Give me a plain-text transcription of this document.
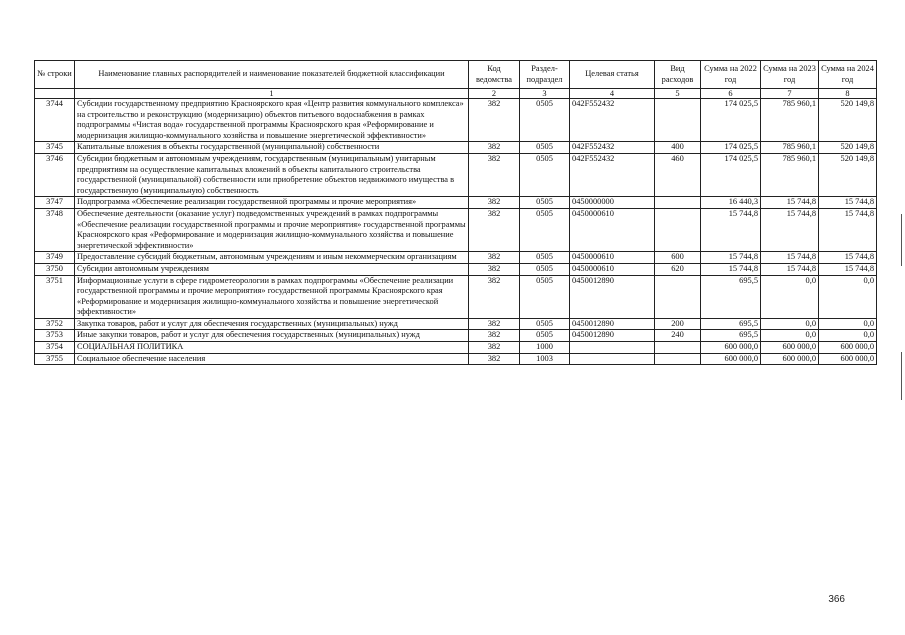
№ строки	Наименование главных распорядителей и наименование показателей бюджетной классификации	Код ведомства	Раздел-подраздел	Целевая статья	Вид расходов	Сумма на 2022 год	Сумма на 2023 год	Сумма на 2024 год
	1	2	3	4	5	6	7	8
3744	Субсидии государственному предприятию Красноярского края «Центр развития коммунального комплекса» на строительство и реконструкцию (модернизацию) объектов питьевого водоснабжения в рамках подпрограммы «Чистая вода» государственной программы Красноярского края «Реформирование и модернизация жилищно-коммунального хозяйства и повышение энергетической эффективности»	382	0505	042F552432		174 025,5	785 960,1	520 149,8
3745	Капитальные вложения в объекты государственной (муниципальной) собственности	382	0505	042F552432	400	174 025,5	785 960,1	520 149,8
3746	Субсидии бюджетным и автономным учреждениям, государственным (муниципальным) унитарным предприятиям на осуществление капитальных вложений в объекты капитального строительства государственной (муниципальной) собственности или приобретение объектов недвижимого имущества в государственную (муниципальную) собственность	382	0505	042F552432	460	174 025,5	785 960,1	520 149,8
3747	Подпрограмма «Обеспечение реализации государственной программы и прочие мероприятия»	382	0505	0450000000		16 440,3	15 744,8	15 744,8
3748	Обеспечение деятельности (оказание услуг) подведомственных учреждений в рамках подпрограммы «Обеспечение реализации государственной программы и прочие мероприятия» государственной программы Красноярского края «Реформирование и модернизация жилищно-коммунального хозяйства и повышение энергетической эффективности»	382	0505	0450000610		15 744,8	15 744,8	15 744,8
3749	Предоставление субсидий бюджетным, автономным учреждениям и иным некоммерческим организациям	382	0505	0450000610	600	15 744,8	15 744,8	15 744,8
3750	Субсидии автономным учреждениям	382	0505	0450000610	620	15 744,8	15 744,8	15 744,8
3751	Информационные услуги в сфере гидрометеорологии в рамках подпрограммы «Обеспечение реализации государственной программы и прочие мероприятия» государственной программы Красноярского края «Реформирование и модернизация жилищно-коммунального хозяйства и повышение энергетической эффективности»	382	0505	0450012890		695,5	0,0	0,0
3752	Закупка товаров, работ и услуг для обеспечения государственных (муниципальных) нужд	382	0505	0450012890	200	695,5	0,0	0,0
3753	Иные закупки товаров, работ и услуг для обеспечения государственных (муниципальных) нужд	382	0505	0450012890	240	695,5	0,0	0,0
3754	СОЦИАЛЬНАЯ ПОЛИТИКА	382	1000			600 000,0	600 000,0	600 000,0
3755	Социальное обеспечение населения	382	1003			600 000,0	600 000,0	600 000,0
366
